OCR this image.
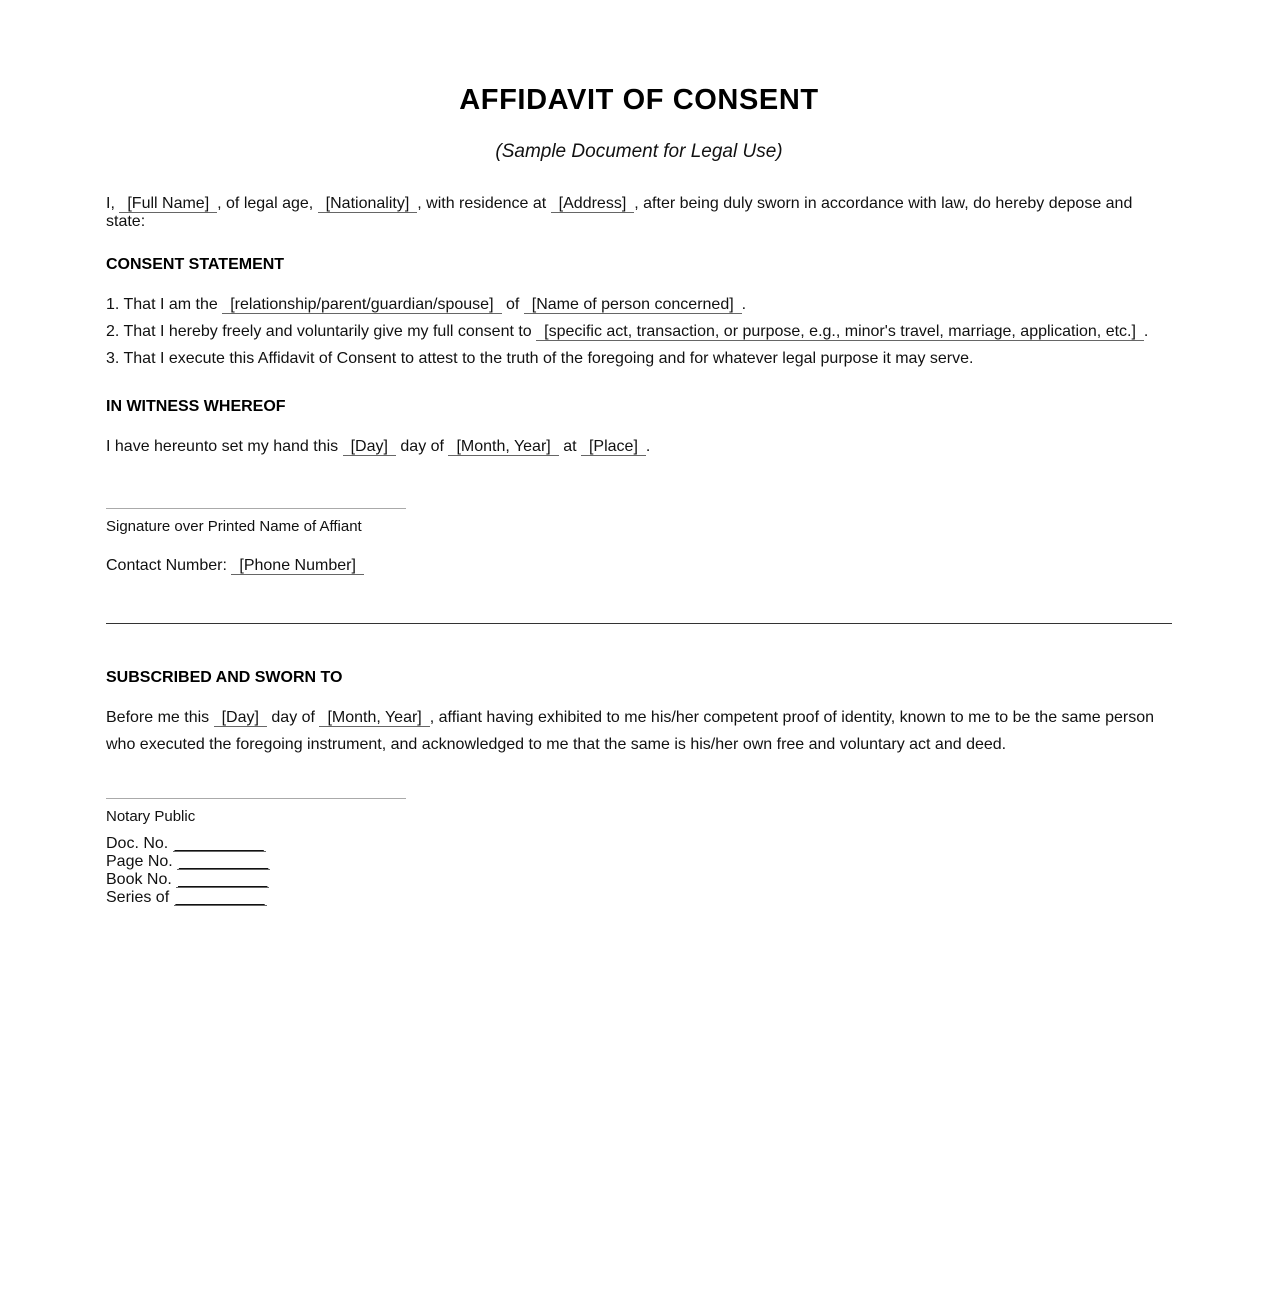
AFFIDAVIT OF CONSENT
(Sample Document for Legal Use)
I, [Full Name] , of legal age, [Nationality] , with residence at [Address] , after being duly sworn in accordance with law, do hereby depose and state:
CONSENT STATEMENT
1. That I am the [relationship/parent/guardian/spouse] of [Name of person concerned] .
2. That I hereby freely and voluntarily give my full consent to [specific act, transaction, or purpose, e.g., minor's travel, marriage, application, etc.] .
3. That I execute this Affidavit of Consent to attest to the truth of the foregoing and for whatever legal purpose it may serve.
IN WITNESS WHEREOF
I have hereunto set my hand this [Day] day of [Month, Year] at [Place] .
Signature over Printed Name of Affiant
Contact Number: [Phone Number]
SUBSCRIBED AND SWORN TO
Before me this [Day] day of [Month, Year] , affiant having exhibited to me his/her competent proof of identity, known to me to be the same person
who executed the foregoing instrument, and acknowledged to me that the same is his/her own free and voluntary act and deed.
Notary Public
Doc. No. __________
Page No. __________
Book No. __________
Series of __________
